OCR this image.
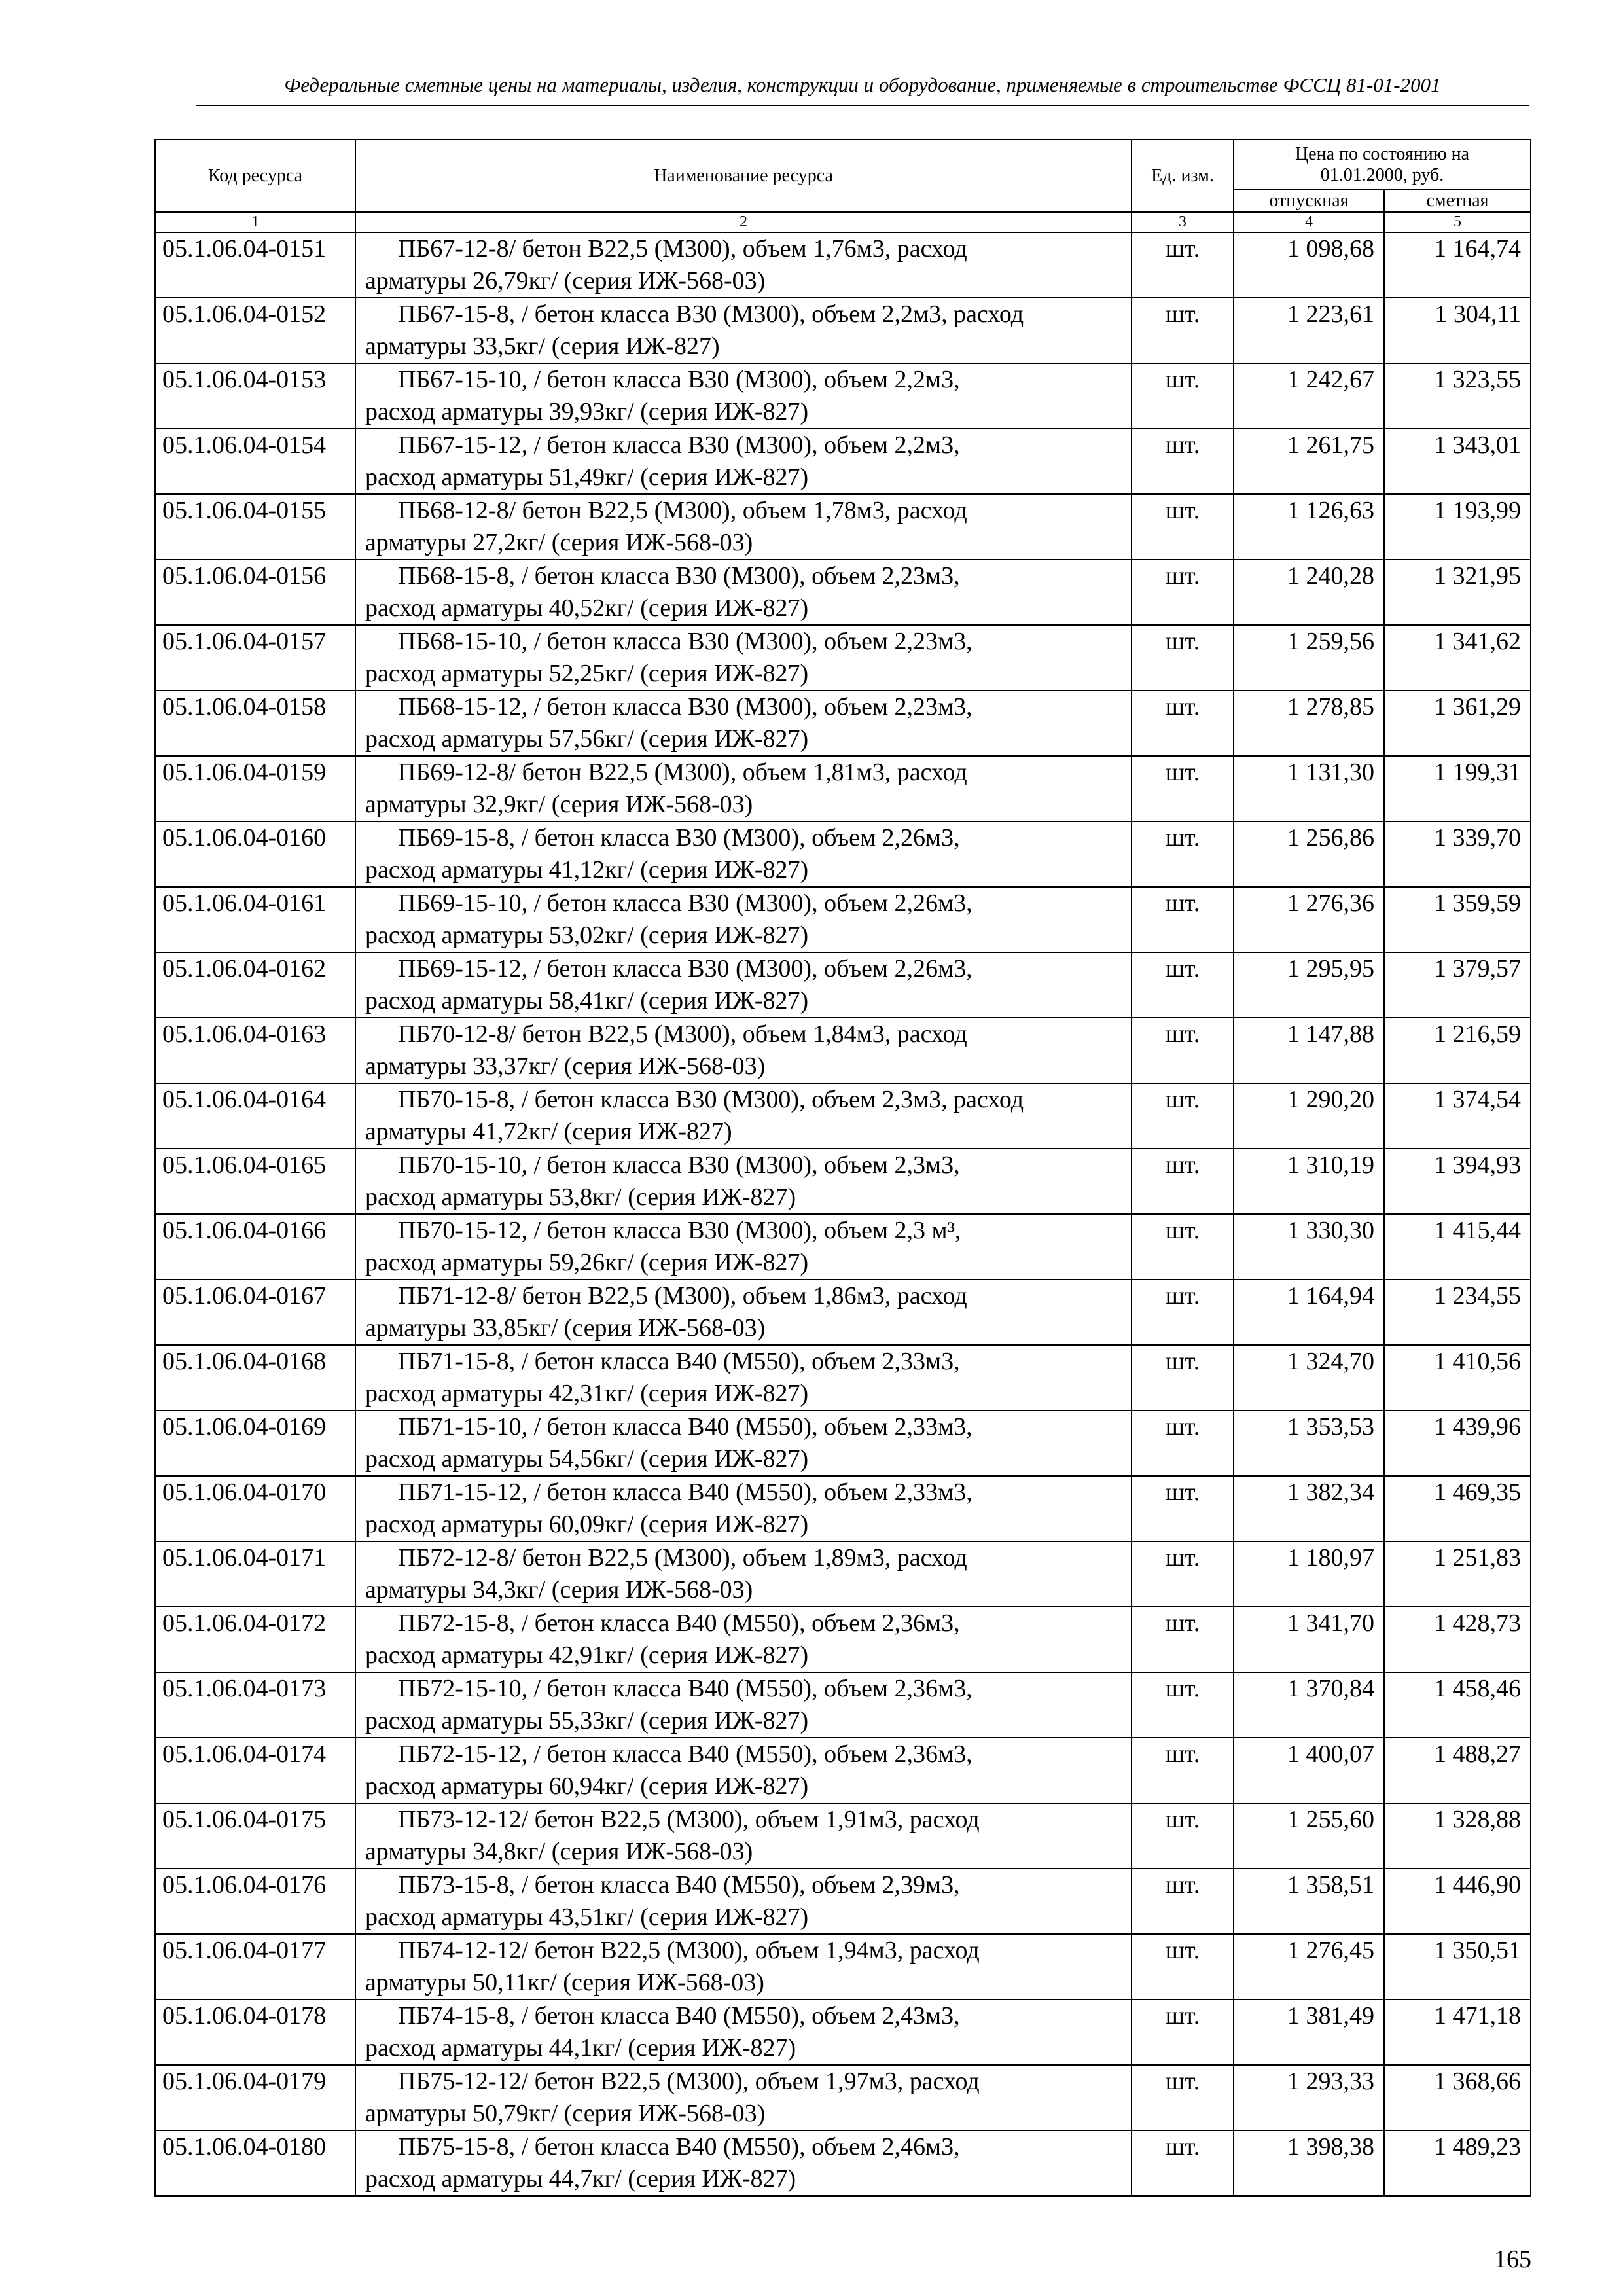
Федеральные сметные цены на материалы, изделия, конструкции и оборудование, применяемые в строительстве ФССЦ 81-01-2001
Код ресурса	Наименование ресурса	Ед. изм.	Цена по состоянию на 01.01.2000, руб.	
			отпускная	сметная
1	2	3	4	5
05.1.06.04-0151	ПБ67-12-8/ бетон В22,5 (М300), объем 1,76м3, расход
арматуры 26,79кг/ (серия ИЖ-568-03)	шт.	1 098,68	1 164,74
05.1.06.04-0152	ПБ67-15-8, / бетон класса В30 (М300), объем 2,2м3, расход
арматуры 33,5кг/ (серия ИЖ-827)	шт.	1 223,61	1 304,11
05.1.06.04-0153	ПБ67-15-10, / бетон класса В30 (М300), объем 2,2м3,
расход арматуры 39,93кг/ (серия ИЖ-827)	шт.	1 242,67	1 323,55
05.1.06.04-0154	ПБ67-15-12, / бетон класса В30 (М300), объем 2,2м3,
расход арматуры 51,49кг/ (серия ИЖ-827)	шт.	1 261,75	1 343,01
05.1.06.04-0155	ПБ68-12-8/ бетон В22,5 (М300), объем 1,78м3, расход
арматуры 27,2кг/ (серия ИЖ-568-03)	шт.	1 126,63	1 193,99
05.1.06.04-0156	ПБ68-15-8, / бетон класса В30 (М300), объем 2,23м3,
расход арматуры 40,52кг/ (серия ИЖ-827)	шт.	1 240,28	1 321,95
05.1.06.04-0157	ПБ68-15-10, / бетон класса В30 (М300), объем 2,23м3,
расход арматуры 52,25кг/ (серия ИЖ-827)	шт.	1 259,56	1 341,62
05.1.06.04-0158	ПБ68-15-12, / бетон класса В30 (М300), объем 2,23м3,
расход арматуры 57,56кг/ (серия ИЖ-827)	шт.	1 278,85	1 361,29
05.1.06.04-0159	ПБ69-12-8/ бетон В22,5 (М300), объем 1,81м3, расход
арматуры 32,9кг/ (серия ИЖ-568-03)	шт.	1 131,30	1 199,31
05.1.06.04-0160	ПБ69-15-8, / бетон класса В30 (М300), объем 2,26м3,
расход арматуры 41,12кг/ (серия ИЖ-827)	шт.	1 256,86	1 339,70
05.1.06.04-0161	ПБ69-15-10, / бетон класса В30 (М300), объем 2,26м3,
расход арматуры 53,02кг/ (серия ИЖ-827)	шт.	1 276,36	1 359,59
05.1.06.04-0162	ПБ69-15-12, / бетон класса В30 (М300), объем 2,26м3,
расход арматуры 58,41кг/ (серия ИЖ-827)	шт.	1 295,95	1 379,57
05.1.06.04-0163	ПБ70-12-8/ бетон В22,5 (М300), объем 1,84м3, расход
арматуры 33,37кг/ (серия ИЖ-568-03)	шт.	1 147,88	1 216,59
05.1.06.04-0164	ПБ70-15-8, / бетон класса В30 (М300), объем 2,3м3, расход
арматуры 41,72кг/ (серия ИЖ-827)	шт.	1 290,20	1 374,54
05.1.06.04-0165	ПБ70-15-10, / бетон класса В30 (М300), объем 2,3м3,
расход арматуры 53,8кг/ (серия ИЖ-827)	шт.	1 310,19	1 394,93
05.1.06.04-0166	ПБ70-15-12, / бетон класса В30 (М300), объем 2,3 м³,
расход арматуры 59,26кг/ (серия ИЖ-827)	шт.	1 330,30	1 415,44
05.1.06.04-0167	ПБ71-12-8/ бетон В22,5 (М300), объем 1,86м3, расход
арматуры 33,85кг/ (серия ИЖ-568-03)	шт.	1 164,94	1 234,55
05.1.06.04-0168	ПБ71-15-8, / бетон класса В40 (М550), объем 2,33м3,
расход арматуры 42,31кг/ (серия ИЖ-827)	шт.	1 324,70	1 410,56
05.1.06.04-0169	ПБ71-15-10, / бетон класса В40 (М550), объем 2,33м3,
расход арматуры 54,56кг/ (серия ИЖ-827)	шт.	1 353,53	1 439,96
05.1.06.04-0170	ПБ71-15-12, / бетон класса В40 (М550), объем 2,33м3,
расход арматуры 60,09кг/ (серия ИЖ-827)	шт.	1 382,34	1 469,35
05.1.06.04-0171	ПБ72-12-8/ бетон В22,5 (М300), объем 1,89м3, расход
арматуры 34,3кг/ (серия ИЖ-568-03)	шт.	1 180,97	1 251,83
05.1.06.04-0172	ПБ72-15-8, / бетон класса В40 (М550), объем 2,36м3,
расход арматуры 42,91кг/ (серия ИЖ-827)	шт.	1 341,70	1 428,73
05.1.06.04-0173	ПБ72-15-10, / бетон класса В40 (М550), объем 2,36м3,
расход арматуры 55,33кг/ (серия ИЖ-827)	шт.	1 370,84	1 458,46
05.1.06.04-0174	ПБ72-15-12, / бетон класса В40 (М550), объем 2,36м3,
расход арматуры 60,94кг/ (серия ИЖ-827)	шт.	1 400,07	1 488,27
05.1.06.04-0175	ПБ73-12-12/ бетон В22,5 (М300), объем 1,91м3, расход
арматуры 34,8кг/ (серия ИЖ-568-03)	шт.	1 255,60	1 328,88
05.1.06.04-0176	ПБ73-15-8, / бетон класса В40 (М550), объем 2,39м3,
расход арматуры 43,51кг/ (серия ИЖ-827)	шт.	1 358,51	1 446,90
05.1.06.04-0177	ПБ74-12-12/ бетон В22,5 (М300), объем 1,94м3, расход
арматуры 50,11кг/ (серия ИЖ-568-03)	шт.	1 276,45	1 350,51
05.1.06.04-0178	ПБ74-15-8, / бетон класса В40 (М550), объем 2,43м3,
расход арматуры 44,1кг/ (серия ИЖ-827)	шт.	1 381,49	1 471,18
05.1.06.04-0179	ПБ75-12-12/ бетон В22,5 (М300), объем 1,97м3, расход
арматуры 50,79кг/ (серия ИЖ-568-03)	шт.	1 293,33	1 368,66
05.1.06.04-0180	ПБ75-15-8, / бетон класса В40 (М550), объем 2,46м3,
расход арматуры 44,7кг/ (серия ИЖ-827)	шт.	1 398,38	1 489,23
165
